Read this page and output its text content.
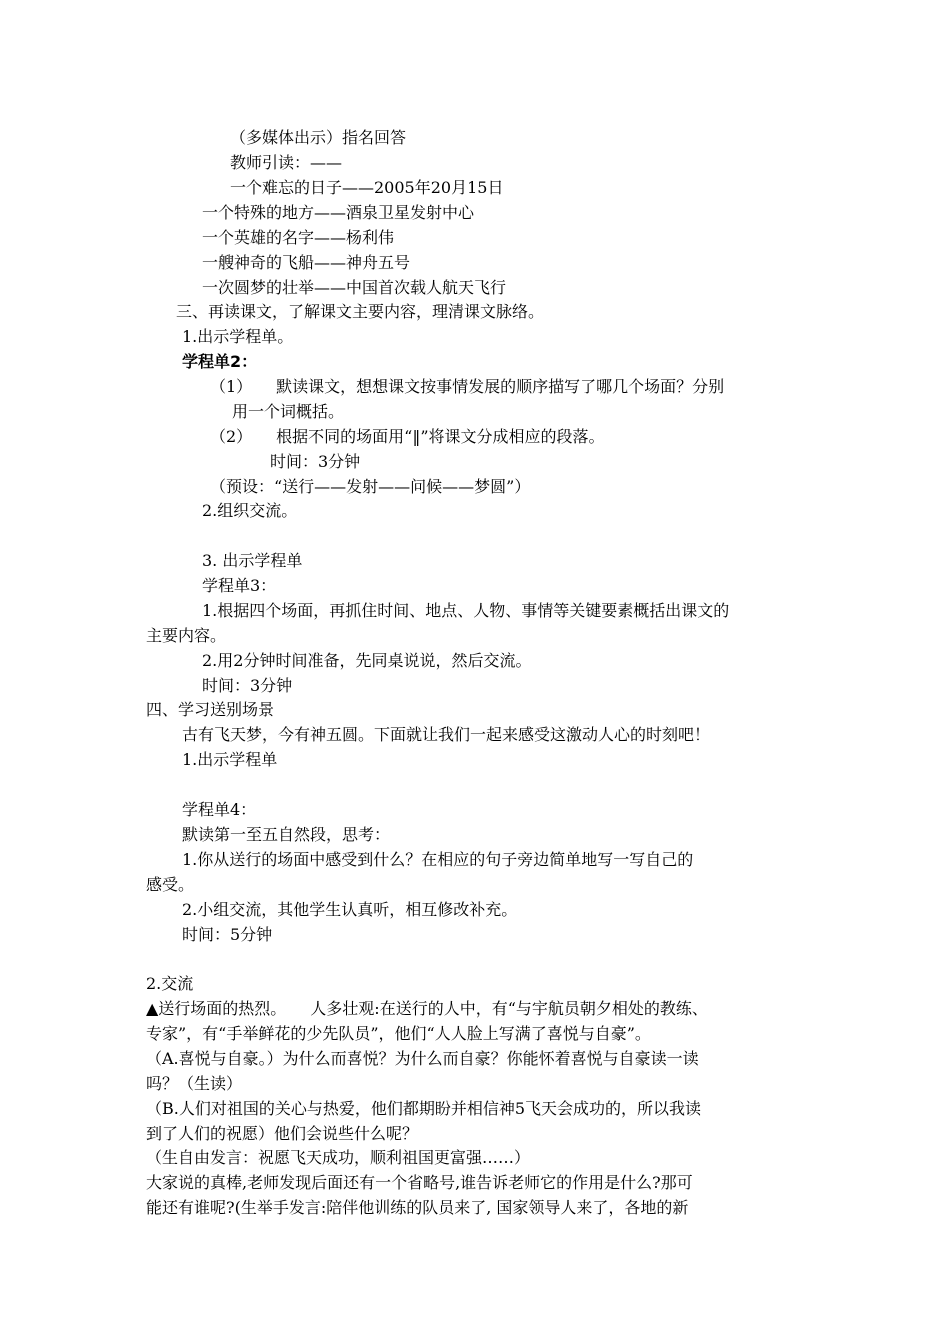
（多媒体出示）指名回答
教师引读：——
一个难忘的日子——2005年20月15日
一个特殊的地方——酒泉卫星发射中心
一个英雄的名字——杨利伟
一艘神奇的飞船——神舟五号
一次圆梦的壮举——中国首次载人航天飞行
三、再读课文，了解课文主要内容，理清课文脉络。
1.出示学程单。
学程单2：
（1）　　默读课文，想想课文按事情发展的顺序描写了哪几个场面？分别
用一个词概括。
（2）　　根据不同的场面用“‖”将课文分成相应的段落。
时间：3分钟
（预设：“送行——发射——问候——梦圆”）
2.组织交流。
3. 出示学程单
学程单3：
1.根据四个场面，再抓住时间、地点、人物、事情等关键要素概括出课文的
主要内容。
2.用2分钟时间准备，先同桌说说，然后交流。
时间：3分钟
四、学习送别场景
古有飞天梦，今有神五圆。下面就让我们一起来感受这激动人心的时刻吧！
1.出示学程单
学程单4：
默读第一至五自然段，思考：
1.你从送行的场面中感受到什么？在相应的句子旁边简单地写一写自己的
感受。
2.小组交流，其他学生认真听，相互修改补充。
时间：5分钟
2.交流
▲送行场面的热烈。　　人多壮观:在送行的人中，有“与宇航员朝夕相处的教练、
专家”，有“手举鲜花的少先队员”，他们“人人脸上写满了喜悦与自豪”。
（A.喜悦与自豪。）为什么而喜悦？为什么而自豪？你能怀着喜悦与自豪读一读
吗？（生读）
（B.人们对祖国的关心与热爱，他们都期盼并相信神5飞天会成功的，所以我读
到了人们的祝愿）他们会说些什么呢？
（生自由发言：祝愿飞天成功，顺利祖国更富强……）
大家说的真棒,老师发现后面还有一个省略号,谁告诉老师它的作用是什么?那可
能还有谁呢?(生举手发言:陪伴他训练的队员来了, 国家领导人来了，各地的新
